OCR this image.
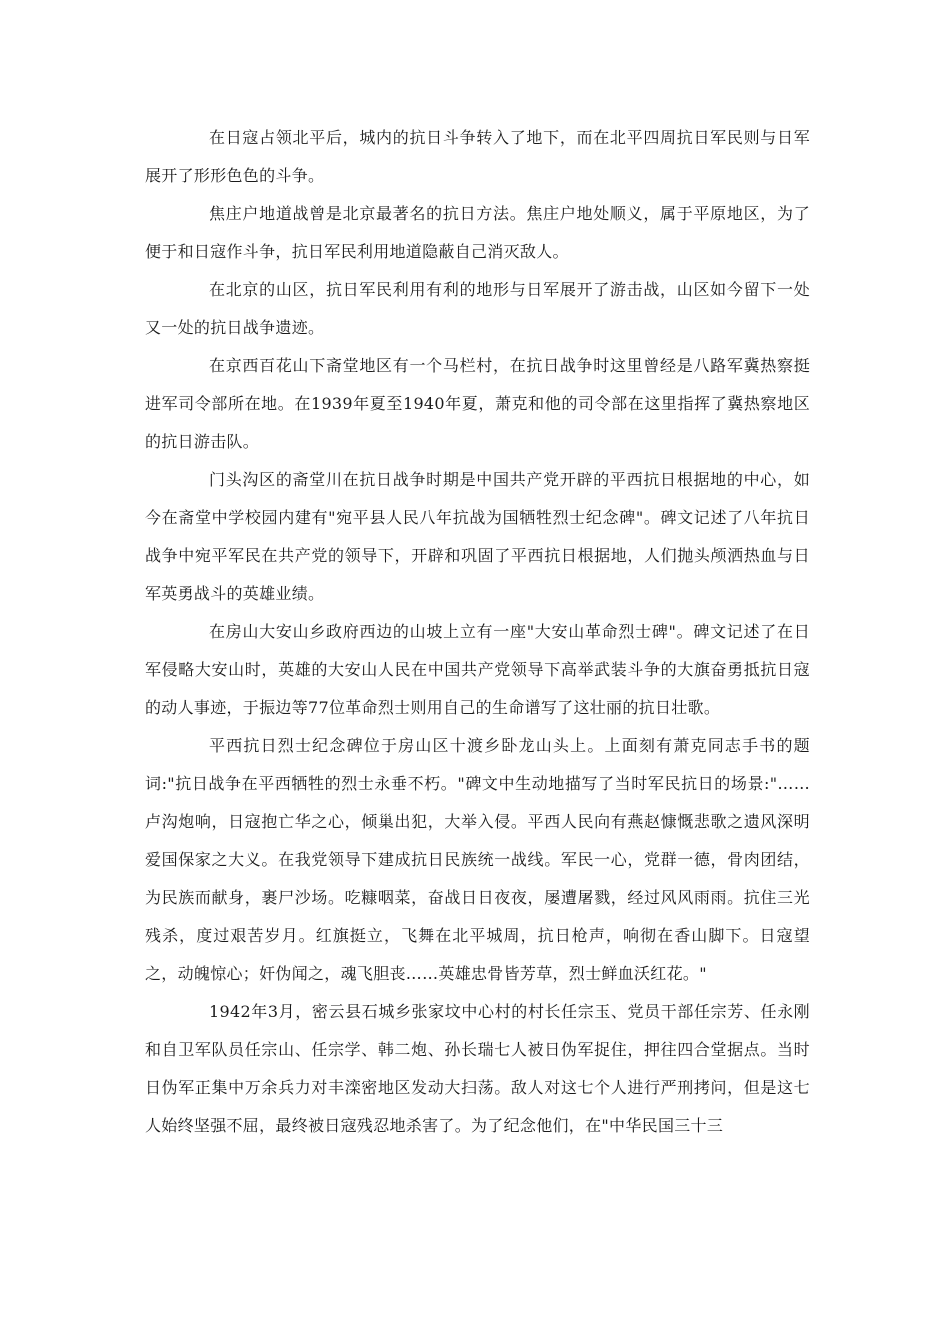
在日寇占领北平后，城内的抗日斗争转入了地下，而在北平四周抗日军民则与日军展开了形形色色的斗争。

焦庄户地道战曾是北京最著名的抗日方法。焦庄户地处顺义，属于平原地区，为了便于和日寇作斗争，抗日军民利用地道隐蔽自己消灭敌人。

在北京的山区，抗日军民利用有利的地形与日军展开了游击战，山区如今留下一处又一处的抗日战争遗迹。

在京西百花山下斋堂地区有一个马栏村，在抗日战争时这里曾经是八路军冀热察挺进军司令部所在地。在1939年夏至1940年夏，萧克和他的司令部在这里指挥了冀热察地区的抗日游击队。

门头沟区的斋堂川在抗日战争时期是中国共产党开辟的平西抗日根据地的中心，如今在斋堂中学校园内建有"宛平县人民八年抗战为国牺牲烈士纪念碑"。碑文记述了八年抗日战争中宛平军民在共产党的领导下，开辟和巩固了平西抗日根据地，人们抛头颅洒热血与日军英勇战斗的英雄业绩。

在房山大安山乡政府西边的山坡上立有一座"大安山革命烈士碑"。碑文记述了在日军侵略大安山时，英雄的大安山人民在中国共产党领导下高举武装斗争的大旗奋勇抵抗日寇的动人事迹，于振边等77位革命烈士则用自己的生命谱写了这壮丽的抗日壮歌。

平西抗日烈士纪念碑位于房山区十渡乡卧龙山头上。上面刻有萧克同志手书的题词:"抗日战争在平西牺牲的烈士永垂不朽。"碑文中生动地描写了当时军民抗日的场景:"……卢沟炮响，日寇抱亡华之心，倾巢出犯，大举入侵。平西人民向有燕赵慷慨悲歌之遗风深明爱国保家之大义。在我党领导下建成抗日民族统一战线。军民一心，党群一德，骨肉团结，为民族而献身，裹尸沙场。吃糠咽菜，奋战日日夜夜，屡遭屠戮，经过风风雨雨。抗住三光残杀，度过艰苦岁月。红旗挺立，飞舞在北平城周，抗日枪声，响彻在香山脚下。日寇望之，动魄惊心；奸伪闻之，魂飞胆丧……英雄忠骨皆芳草，烈士鲜血沃红花。"

1942年3月，密云县石城乡张家坟中心村的村长任宗玉、党员干部任宗芳、任永刚和自卫军队员任宗山、任宗学、韩二炮、孙长瑞七人被日伪军捉住，押往四合堂据点。当时日伪军正集中万余兵力对丰滦密地区发动大扫荡。敌人对这七个人进行严刑拷问，但是这七人始终坚强不屈，最终被日寇残忍地杀害了。为了纪念他们，在"中华民国三十三
